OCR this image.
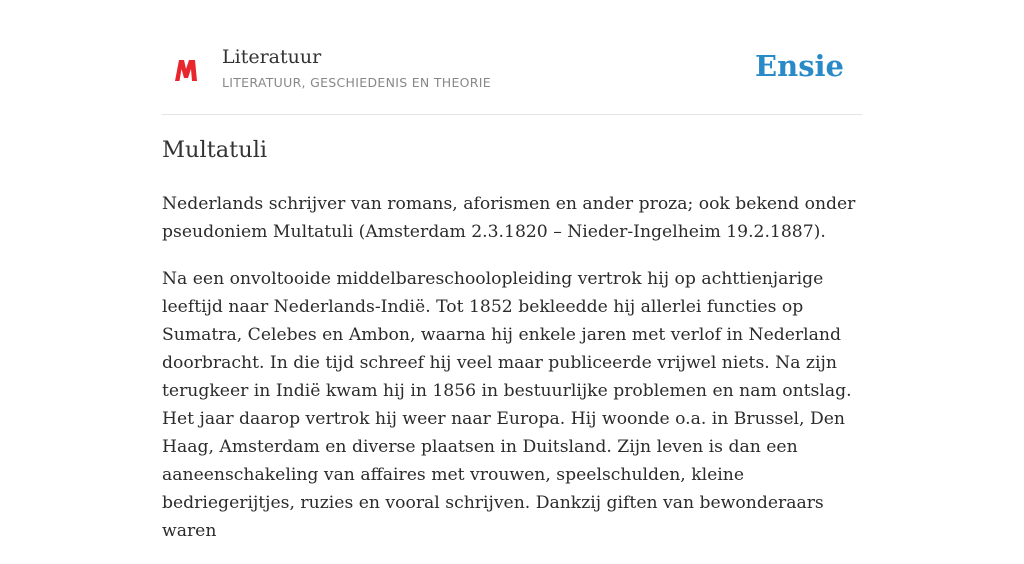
Literatuur
LITERATUUR, GESCHIEDENIS EN THEORIE	Ensie
Multatuli

Nederlands schrijver van romans, aforismen en ander proza; ook bekend onder pseudoniem Multatuli (Amsterdam 2.3.1820 – Nieder-Ingelheim 19.2.1887).

Na een onvoltooide middelbareschoolopleiding vertrok hij op achttienjarige leeftijd naar Nederlands-Indië. Tot 1852 bekleedde hij allerlei functies op Sumatra, Celebes en Ambon, waarna hij enkele jaren met verlof in Nederland doorbracht. In die tijd schreef hij veel maar publiceerde vrijwel niets. Na zijn terugkeer in Indië kwam hij in 1856 in bestuurlijke problemen en nam ontslag. Het jaar daarop vertrok hij weer naar Europa. Hij woonde o.a. in Brussel, Den Haag, Amsterdam en diverse plaatsen in Duitsland. Zijn leven is dan een aaneenschakeling van affaires met vrouwen, speelschulden, kleine bedriegerijtjes, ruzies en vooral schrijven. Dankzij giften van bewonderaars waren
